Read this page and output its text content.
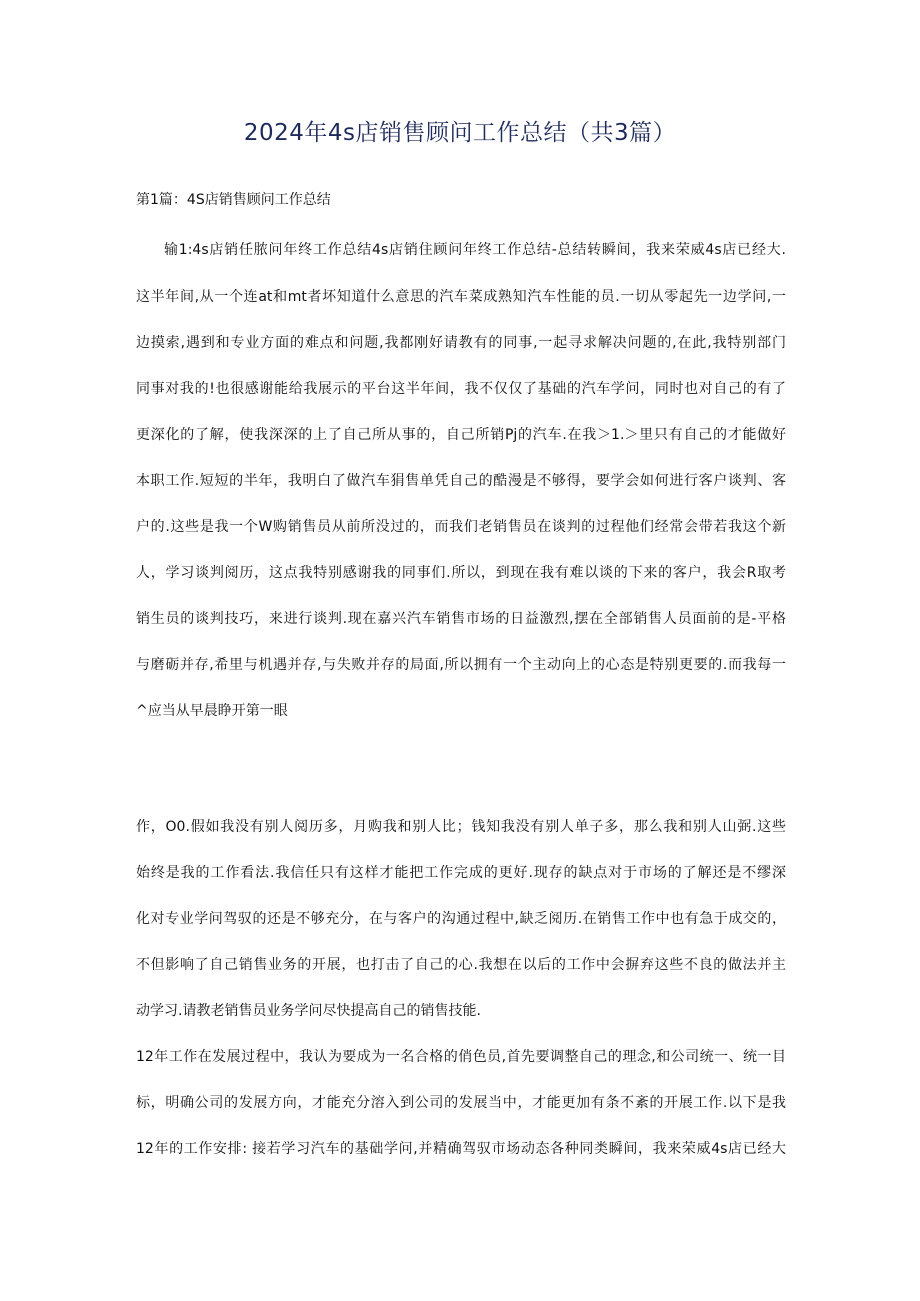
2024年4s店销售顾问工作总结（共3篇）
第1篇：4S店销售顾问工作总结
输1:4s店销任脓问年终工作总结4s店销住顾问年终工作总结-总结转瞬间，我来荣威4s店已经大.
这半年间,从一个连at和mt者坏知道什么意思的汽车菜成熟知汽车性能的员.一切从零起先一边学问,一
边摸索,遇到和专业方面的难点和问题,我都刚好请教有的同事,一起寻求解决问题的,在此,我特别部门
同事对我的!也很感谢能给我展示的平台这半年间，我不仅仅了基础的汽车学问，同时也对自己的有了
更深化的了解，使我深深的上了自己所从事的，自己所销Pj的汽车.在我＞1.＞里只有自己的才能做好
本职工作.短短的半年，我明白了做汽车狷售单凭自己的酷漫是不够得，要学会如何进行客户谈判、客
户的.这些是我一个W购销售员从前所没过的，而我们老销售员在谈判的过程他们经常会带若我这个新
人，学习谈判阅历，这点我特别感谢我的同事们.所以，到现在我有难以谈的下来的客户，我会R取考
销生员的谈判技巧，来进行谈判.现在嘉兴汽车销售市场的日益激烈,摆在全部销售人员面前的是-平格
与磨砺并存,希里与机遇并存,与失败并存的局面,所以拥有一个主动向上的心态是特别更要的.而我每一
^应当从早晨睁开第一眼
作，O0.假如我没有别人阅历多，月购我和别人比；钱知我没有别人单子多，那么我和别人山弼.这些
始终是我的工作看法.我信任只有这样才能把工作完成的更好.现存的缺点对于市场的了解还是不缪深
化对专业学问驾驭的还是不够充分，在与客户的沟通过程中,缺乏阅历.在销售工作中也有急于成交的，
不但影响了自己销售业务的开展，也打击了自己的心.我想在以后的工作中会摒弃这些不良的做法并主
动学习.请教老销售员业务学问尽快提高自己的销售技能.
12年工作在发展过程中，我认为要成为一名合格的俏色员,首先要调整自己的理念,和公司统一、统一目
标，明确公司的发展方向，才能充分溶入到公司的发展当中，才能更加有条不紊的开展工作.以下是我
12年的工作安排: 接若学习汽车的基础学问,并精确驾驭市场动态各种同类瞬间，我来荣威4s店已经大
